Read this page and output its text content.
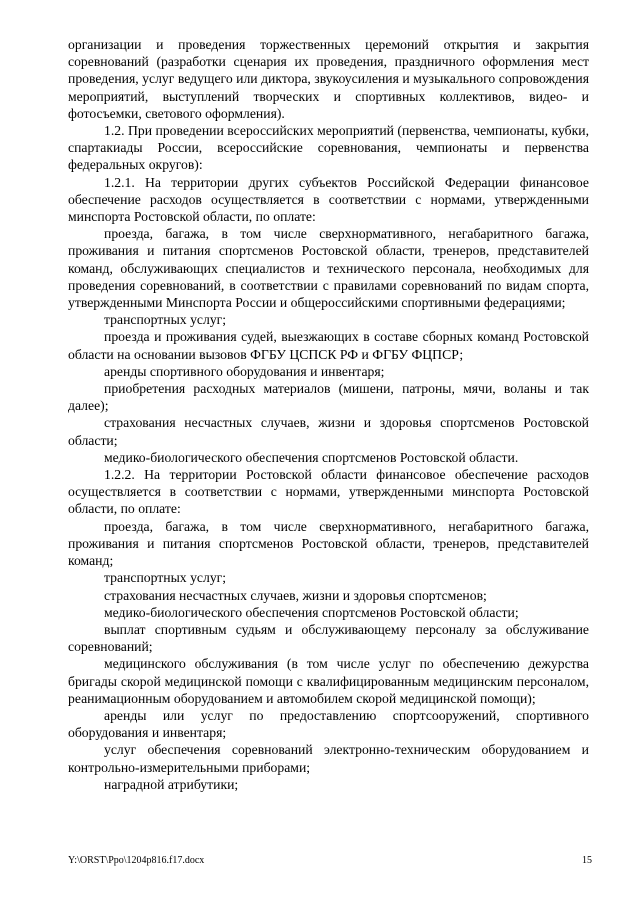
организации и проведения торжественных церемоний открытия и закрытия соревнований (разработки сценария их проведения, праздничного оформления мест проведения, услуг ведущего или диктора, звукоусиления и музыкального сопровождения мероприятий, выступлений творческих и спортивных коллективов, видео- и фотосъемки, светового оформления).

1.2. При проведении всероссийских мероприятий (первенства, чемпионаты, кубки, спартакиады России, всероссийские соревнования, чемпионаты и первенства федеральных округов):

1.2.1. На территории других субъектов Российской Федерации финансовое обеспечение расходов осуществляется в соответствии с нормами, утвержденными минспорта Ростовской области, по оплате:

проезда, багажа, в том числе сверхнормативного, негабаритного багажа, проживания и питания спортсменов Ростовской области, тренеров, представителей команд, обслуживающих специалистов и технического персонала, необходимых для проведения соревнований, в соответствии с правилами соревнований по видам спорта, утвержденными Минспорта России и общероссийскими спортивными федерациями;

транспортных услуг;

проезда и проживания судей, выезжающих в составе сборных команд Ростовской области на основании вызовов ФГБУ ЦСПСК РФ и ФГБУ ФЦПСР;

аренды спортивного оборудования и инвентаря;

приобретения расходных материалов (мишени, патроны, мячи, воланы и так далее);

страхования несчастных случаев, жизни и здоровья спортсменов Ростовской области;

медико-биологического обеспечения спортсменов Ростовской области.

1.2.2. На территории Ростовской области финансовое обеспечение расходов осуществляется в соответствии с нормами, утвержденными минспорта Ростовской области, по оплате:

проезда, багажа, в том числе сверхнормативного, негабаритного багажа, проживания и питания спортсменов Ростовской области, тренеров, представителей команд;

транспортных услуг;

страхования несчастных случаев, жизни и здоровья спортсменов;

медико-биологического обеспечения спортсменов Ростовской области;

выплат спортивным судьям и обслуживающему персоналу за обслуживание соревнований;

медицинского обслуживания (в том числе услуг по обеспечению дежурства бригады скорой медицинской помощи с квалифицированным медицинским персоналом, реанимационным оборудованием и автомобилем скорой медицинской помощи);

аренды или услуг по предоставлению спортсооружений, спортивного оборудования и инвентаря;

услуг обеспечения соревнований электронно-техническим оборудованием и контрольно-измерительными приборами;

наградной атрибутики;

Y:\ORST\Ppo\1204p816.f17.docx	15
